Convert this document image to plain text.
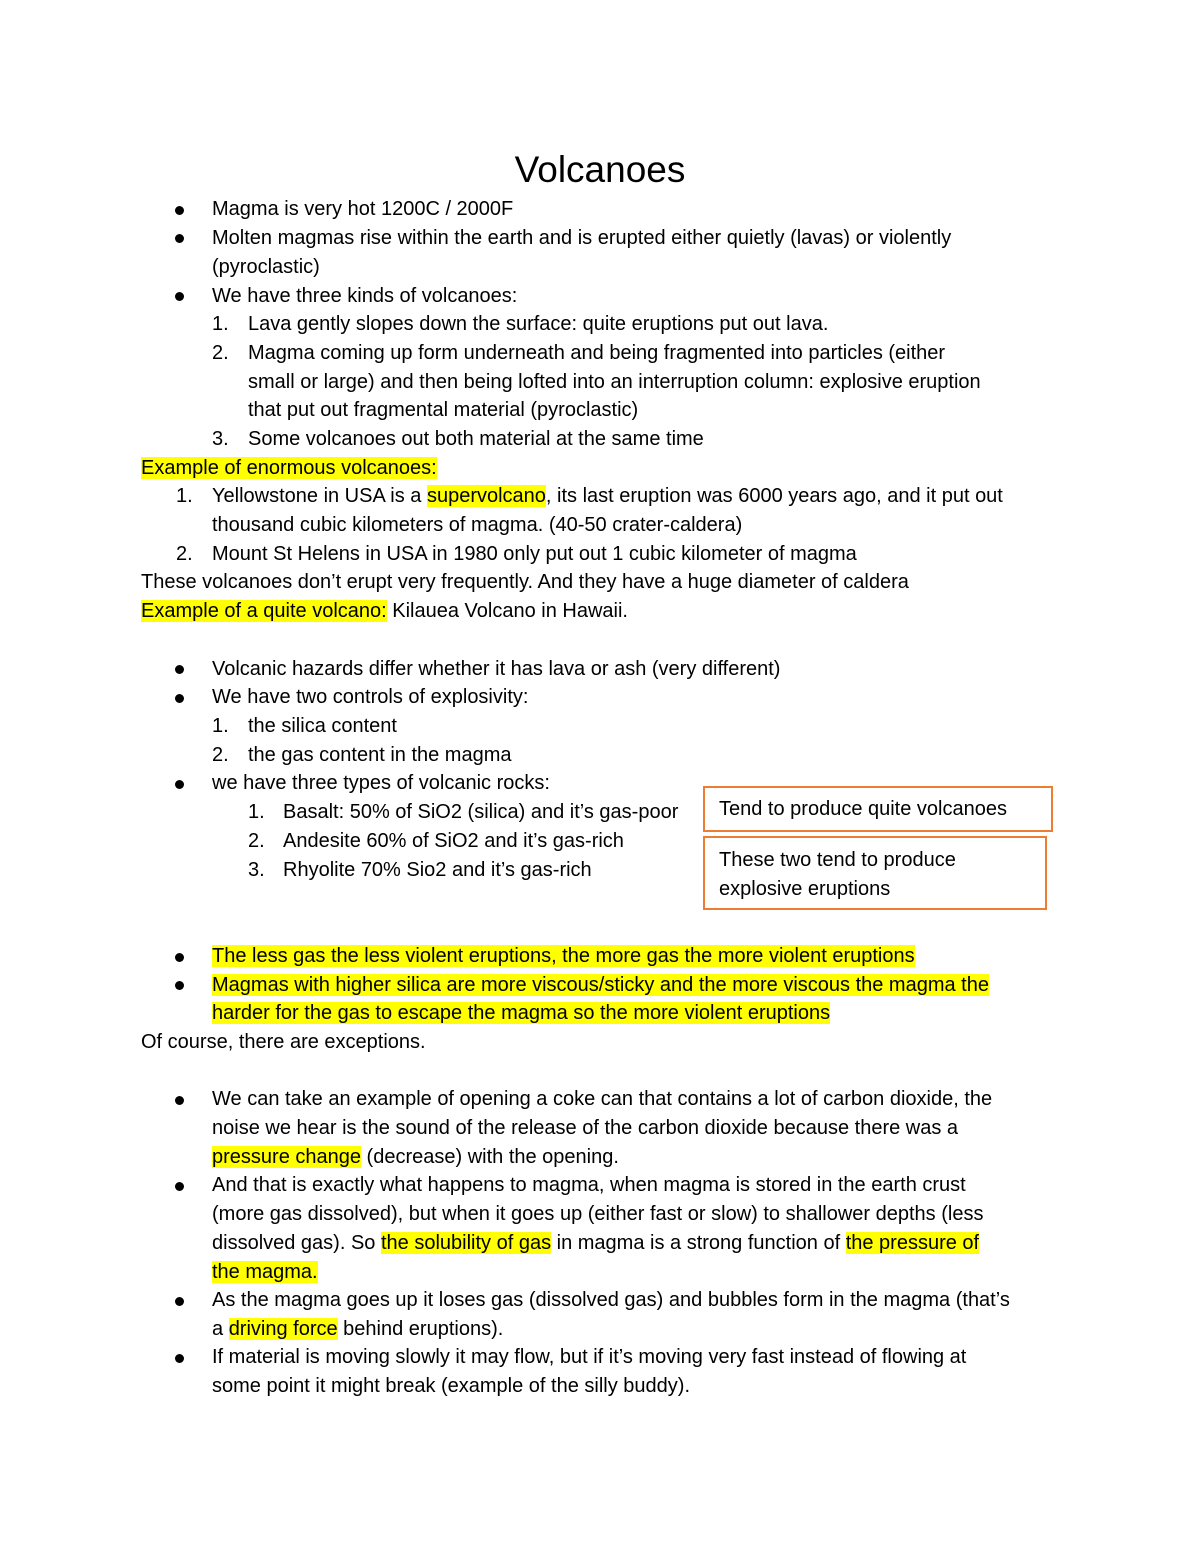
Volcanoes
Magma is very hot 1200C / 2000F
Molten magmas rise within the earth and is erupted either quietly (lavas) or violently
(pyroclastic)
We have three kinds of volcanoes:
1. Lava gently slopes down the surface: quite eruptions put out lava.
2. Magma coming up form underneath and being fragmented into particles (either
small or large) and then being lofted into an interruption column: explosive eruption
that put out fragmental material (pyroclastic)
3. Some volcanoes out both material at the same time
Example of enormous volcanoes:
1. Yellowstone in USA is a supervolcano, its last eruption was 6000 years ago, and it put out
thousand cubic kilometers of magma. (40-50 crater-caldera)
2. Mount St Helens in USA in 1980 only put out 1 cubic kilometer of magma
These volcanoes don’t erupt very frequently. And they have a huge diameter of caldera
Example of a quite volcano: Kilauea Volcano in Hawaii.
Volcanic hazards differ whether it has lava or ash (very different)
We have two controls of explosivity:
1. the silica content
2. the gas content in the magma
we have three types of volcanic rocks:
1. Basalt: 50% of SiO2 (silica) and it’s gas-poor
2. Andesite 60% of SiO2 and it’s gas-rich
3. Rhyolite 70% Sio2 and it’s gas-rich
Tend to produce quite volcanoes
These two tend to produce
explosive eruptions
The less gas the less violent eruptions, the more gas the more violent eruptions
Magmas with higher silica are more viscous/sticky and the more viscous the magma the
harder for the gas to escape the magma so the more violent eruptions
Of course, there are exceptions.
We can take an example of opening a coke can that contains a lot of carbon dioxide, the
noise we hear is the sound of the release of the carbon dioxide because there was a
pressure change (decrease) with the opening.
And that is exactly what happens to magma, when magma is stored in the earth crust
(more gas dissolved), but when it goes up (either fast or slow) to shallower depths (less
dissolved gas). So the solubility of gas in magma is a strong function of the pressure of
the magma.
As the magma goes up it loses gas (dissolved gas) and bubbles form in the magma (that’s
a driving force behind eruptions).
If material is moving slowly it may flow, but if it’s moving very fast instead of flowing at
some point it might break (example of the silly buddy).
